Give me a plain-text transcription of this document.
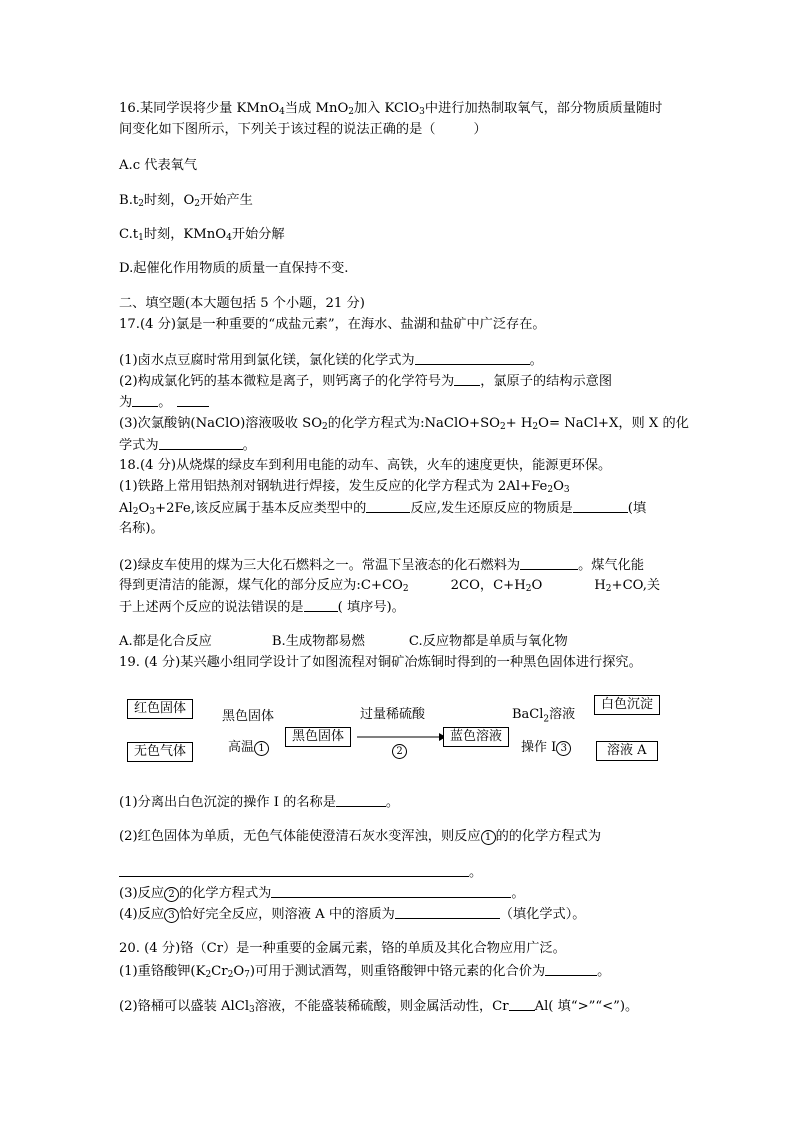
16.某同学误将少量 KMnO$_4$当成 MnO$_2$加入 KClO$_3$中进行加热制取氧气，部分物质质量随时
间变化如下图所示，下列关于该过程的说法正确的是（	）
A.c 代表氧气
$B.t_2$时刻，$O_2$开始产生
$C.t_1$时刻，KMnO$_4$开始分解
D.起催化作用物质的质量一直保持不变.
二、填空题(本大题包括 5 个小题，21 分)
17.(4 分)氯是一种重要的“成盐元素”，在海水、盐湖和盐矿中广泛存在。
(1)卤水点豆腐时常用到氯化镁，氯化镁的化学式为	。
(2)构成氯化钙的基本微粒是离子，则钙离子的化学符号为 ，氯原子的结构示意图
为 。
(3)次氯酸钠(NaClO)溶液吸收 $SO_2$的化学方程式为$:NaClO+SO_2+ H_2O=$ NaCl+X，则 X 的化
学式为	。
18.(4 分)从烧煤的绿皮车到利用电能的动车、高铁，火车的速度更快，能源更环保。
(1)铁路上常用铝热剂对钢轨进行焊接，发生反应的化学方程式为 $2Al+Fe_2O_3$
$Al_2O_3+2Fe$,该反应属于基本反应类型中的	反应,发生还原反应的物质是	(填
名称)。
(2)绿皮车使用的煤为三大化石燃料之一。常温下呈液态的化石燃料为	。煤气化能
得到更清洁的能源，煤气化的部分反应为$:C+CO_2$	2CO，$C+H_2O$	$H_2+CO$,关
于上述两个反应的说法错误的是	( 填序号)。
A.都是化合反应	B.生成物都易燃	C.反应物都是单质与氧化物
19. (4 分)某兴趣小组同学设计了如图流程对铜矿冶炼铜时得到的一种黑色固体进行探究。
红色固体
无色气体
黑色固体
高温 1
黑色固体
过量稀硫酸
2
蓝色溶液
BaCl$_2$溶液
操作 I 3
白色沉淀
溶液 A
(1)分离出白色沉淀的操作 I 的名称是	。
(2)红色固体为单质，无色气体能使澄清石灰水变浑浊，则反应 1 的的化学方程式为
。
(3)反应 2 的化学方程式为	。
(4)反应 3 恰好完全反应，则溶液 A 中的溶质为	（填化学式）。
20. (4 分)铬（Cr）是一种重要的金属元素，铬的单质及其化合物应用广泛。
(1)重铬酸钾$(K_2Cr_2O_7)$可用于测试酒驾，则重铬酸钾中铬元素的化合价为	。
(2)铬桶可以盛装 AlCl$_3$溶液，不能盛装稀硫酸，则金属活动性，Cr Al( 填“>”“<”)。
